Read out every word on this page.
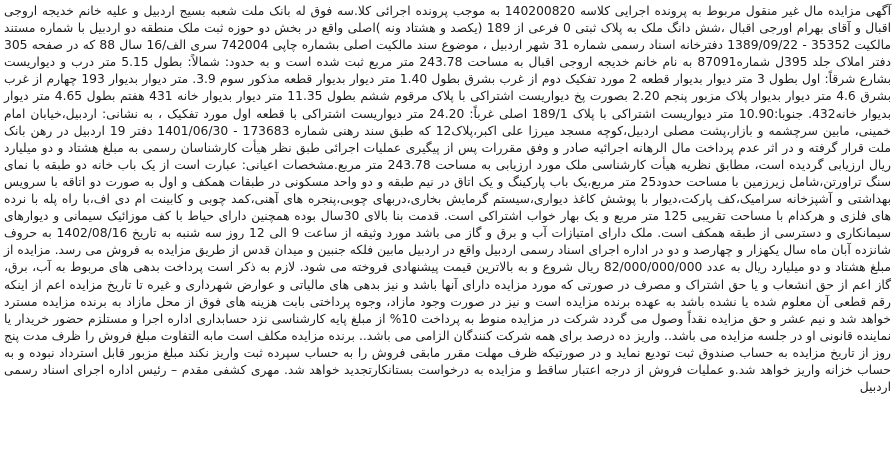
آگهی مزایده مال غیر منقول مربوط به پرونده اجرایی کلاسه 140200820 به موجب پرونده اجرائی کلا.سه فوق له بانک ملت شعبه بسیج اردبیل و علیه خانم خدیجه اروجی اقبال و آقای بهرام اورجی اقبال ،شش دانگ ملک به پلاک ثبتی 0 فرعی از 189 (یکصد و هشتاد ونه )اصلی واقع در بخش دو حوزه ثبت ملک منطقه دو اردبیل با شماره مستند مالکیت 35352 - 1389/09/22 دفترخانه اسناد رسمی شماره 31 شهر اردبیل ، موضوع سند مالکیت اصلی بشماره چاپی 742004 سری الف/16 سال 88 که در صفحه 305 دفتر املاک جلد 395ل شماره87091 به نام خانم خدیجه اروجی اقبال به مساحت 243.78 متر مربع ثبت شده است و به حدود: شمالاً: بطول 5.15 متر درب و دیواریست بشارع شرقاً: اول بطول 3 متر دیوار بدیوار قطعه 2 مورد تفکیک دوم از غرب بشرق بطول 1.40 متر دیوار بدیوار قطعه مذکور سوم 3.9. متر دیوار بدیوار 193 چهارم از غرب بشرق 4.6 متر دیوار بدیوار پلاک مزبور پنجم 2.20 بصورت پخ دیواریست اشتراکی با پلاک مرقوم ششم بطول 11.35 متر دیوار بدیوار خانه 431 هفتم بطول 4.65 متر دیوار بدیوار خانه432. جنوبا:10.90 متر دیواریست اشتراکی با پلاک 189/1 اصلی غرباً: 24.20 متر دیواریست اشتراکی با قطعه اول مورد تفکیک ، به نشانی: اردبیل،خیابان امام خمینی، مابین سرچشمه و بازار،پشت مصلی اردبیل،کوچه مسجد میرزا علی اکبر،پلاک12 که طبق سند رهنی شماره 173683 - 1401/06/30 دفتر 19 اردبیل در رهن بانک ملت قرار گرفته و در اثر عدم پرداخت مال الرهانه اجرائیه صادر و وفق مقررات پس از پیگیری عملیات اجرائی طبق نظر هیأت کارشناسان رسمی به مبلغ هشتاد و دو میلیارد ریال ارزیابی گردیده است، مطابق نظریه هیأت کارشناسی ملک مورد ارزیابی به مساحت 243.78 متر مربع.مشخصات اعیانی: عبارت است از یک باب خانه دو طبقه با نمای سنگ تراورتن،شامل زیرزمین با مساحت حدود25 متر مربع،یک باب پارکینگ و یک اتاق در نیم طبقه و دو واحد مسکونی در طبقات همکف و اول به صورت دو اتاقه با سرویس بهداشتی و آشپزخانه سرامیک،کف پارکت،دیوار با پوشش کاغذ دیواری،سیستم گرمایش بخاری،دربهای چوبی،پنجره های آهنی،کمد چوبی و کابینت ام دی اف،با راه پله با نرده های فلزی و هرکدام با مساحت تقریبی 125 متر مربع و یک بهار خواب اشتراکی است. قدمت بنا بالای 30سال بوده همچنین دارای حیاط با کف موزائیک سیمانی و دیوارهای سیمانکاری و دسترسی از طبقه همکف است. ملک دارای امتیازات آب و برق و گاز می باشد مورد وثیقه از ساعت 9 الی 12 روز سه شنبه به تاریخ 1402/08/16 به حروف شانزده آبان ماه سال یکهزار و چهارصد و دو در اداره اجرای اسناد رسمی اردبیل واقع در اردبیل مابین فلکه جنبین و میدان قدس از طریق مزایده به فروش می رسد. مزایده از مبلغ هشتاد و دو میلیارد ریال به عدد 82/000/000/000 ریال شروع و به بالاترین قیمت پیشنهادی فروخته می شود. لازم به ذکر است پرداخت بدهی های مربوط به آب، برق، گاز اعم از حق انشعاب و یا حق اشتراک و مصرف در صورتی که مورد مزایده دارای آنها باشد و نیز بدهی های مالیاتی و عوارض شهرداری و غیره تا تاریخ مزایده اعم از اینکه رقم قطعی آن معلوم شده یا نشده باشد به عهده برنده مزایده است و نیز در صورت وجود مازاد، وجوه پرداختی بابت هزینه های فوق از محل مازاد به برنده مزایده مسترد خواهد شد و نیم عشر و حق مزایده نقداً وصول می گردد شرکت در مزایده منوط به پرداخت 10% از مبلغ پایه کارشناسی نزد حسابداری اداره اجرا و مستلزم حضور خریدار یا نماینده قانونی او در جلسه مزایده می باشد.. واریز ده درصد برای همه شرکت کنندگان الزامی می باشد.. برنده مزایده مکلف است مابه التفاوت مبلغ فروش را ظرف مدت پنج روز از تاریخ مزایده به حساب صندوق ثبت تودیع نماید و در صورتیکه ظرف مهلت مقرر مابقی فروش را به حساب سپرده ثبت واریز نکند مبلغ مزبور قابل استرداد نبوده و به حساب خزانه واریز خواهد شد.و عملیات فروش از درجه اعتبار ساقط و مزایده به درخواست بستانکارتجدید خواهد شد. مهری کشفی مقدم – رئیس اداره اجرای اسناد رسمی اردبیل
